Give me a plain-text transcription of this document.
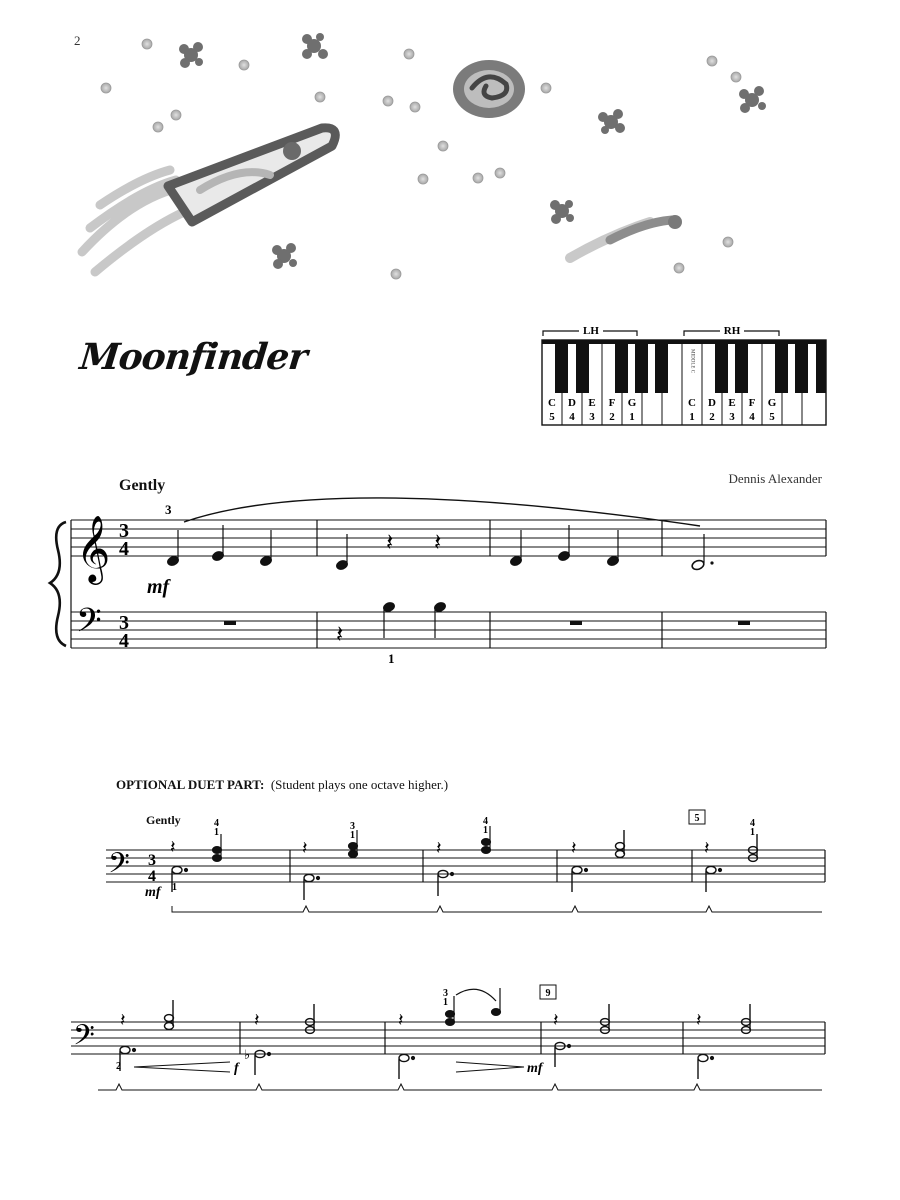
2
Moonfinder
LH	RH
MIDDLE C
C D E F G
5 4 3 2 1
C D E F G
1 2 3 4 5
Dennis Alexander
Gently
𝄞
𝄢
3
4
3
4
𝄽 𝄽
𝄽
3
1
mf
OPTIONAL DUET PART: (Student plays one octave higher.)
Gently
𝄢 3
4
𝄽	𝄽	𝄽	𝄽	𝄽
4
1
3
1
4
1
4
1
1
mf
5
𝄢
𝄽	𝄽	𝄽	𝄽	𝄽
♭
3
1
2	f	mf
9
